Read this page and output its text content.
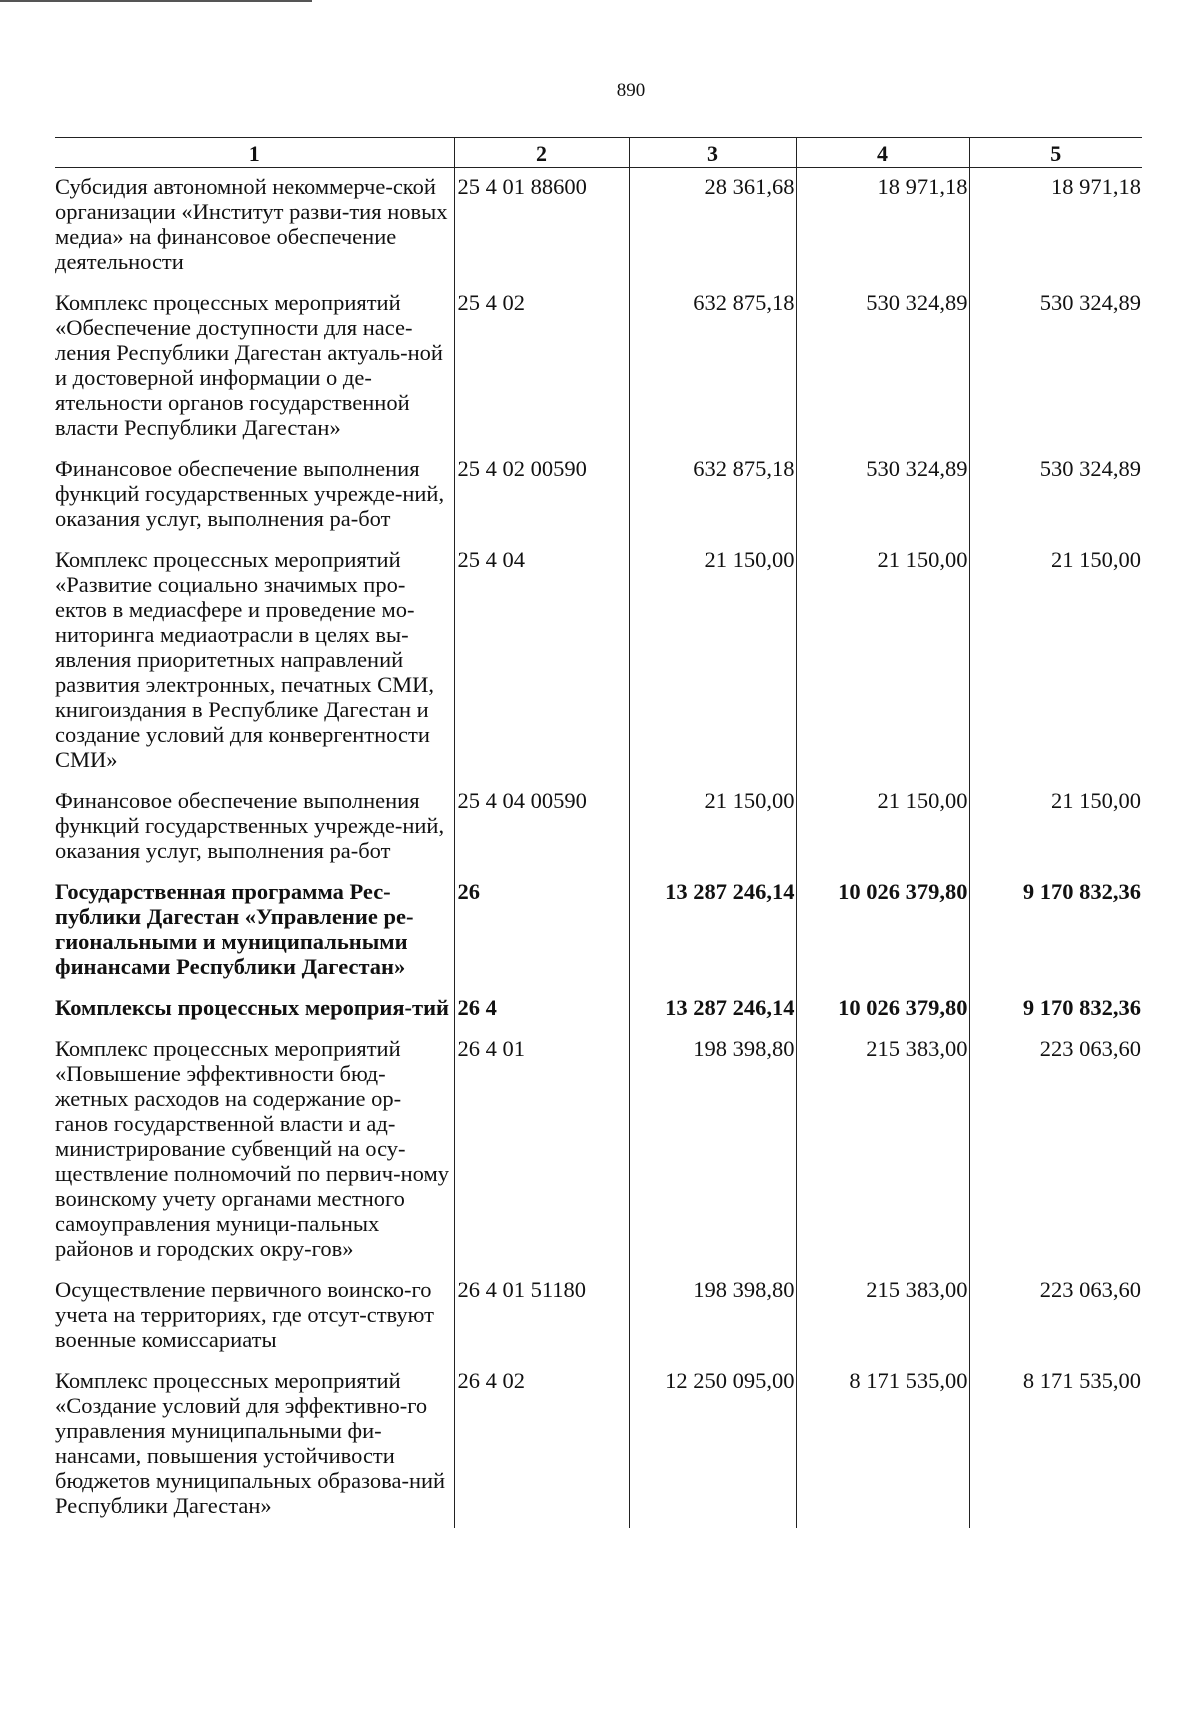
890
1	2	3	4	5
Субсидия автономной некоммерче-ской организации «Институт разви-тия новых медиа» на финансовое обеспечение деятельности	25 4 01 88600	28 361,68	18 971,18	18 971,18
Комплекс процессных мероприятий «Обеспечение доступности для насе-ления Республики Дагестан актуаль-ной и достоверной информации о де-ятельности органов государственной власти Республики Дагестан»	25 4 02	632 875,18	530 324,89	530 324,89
Финансовое обеспечение выполнения функций государственных учрежде-ний, оказания услуг, выполнения ра-бот	25 4 02 00590	632 875,18	530 324,89	530 324,89
Комплекс процессных мероприятий «Развитие социально значимых про-ектов в медиасфере и проведение мо-ниторинга медиаотрасли в целях вы-явления приоритетных направлений развития электронных, печатных СМИ, книгоиздания в Республике Дагестан и создание условий для конвергентности СМИ»	25 4 04	21 150,00	21 150,00	21 150,00
Финансовое обеспечение выполнения функций государственных учрежде-ний, оказания услуг, выполнения ра-бот	25 4 04 00590	21 150,00	21 150,00	21 150,00
Государственная программа Рес-публики Дагестан «Управление ре-гиональными и муниципальными финансами Республики Дагестан»	26	13 287 246,14	10 026 379,80	9 170 832,36
Комплексы процессных мероприя-тий	26 4	13 287 246,14	10 026 379,80	9 170 832,36
Комплекс процессных мероприятий «Повышение эффективности бюд-жетных расходов на содержание ор-ганов государственной власти и ад-министрирование субвенций на осу-ществление полномочий по первич-ному воинскому учету органами местного самоуправления муници-пальных районов и городских окру-гов»	26 4 01	198 398,80	215 383,00	223 063,60
Осуществление первичного воинско-го учета на территориях, где отсут-ствуют военные комиссариаты	26 4 01 51180	198 398,80	215 383,00	223 063,60
Комплекс процессных мероприятий «Создание условий для эффективно-го управления муниципальными фи-нансами, повышения устойчивости бюджетов муниципальных образова-ний Республики Дагестан»	26 4 02	12 250 095,00	8 171 535,00	8 171 535,00
